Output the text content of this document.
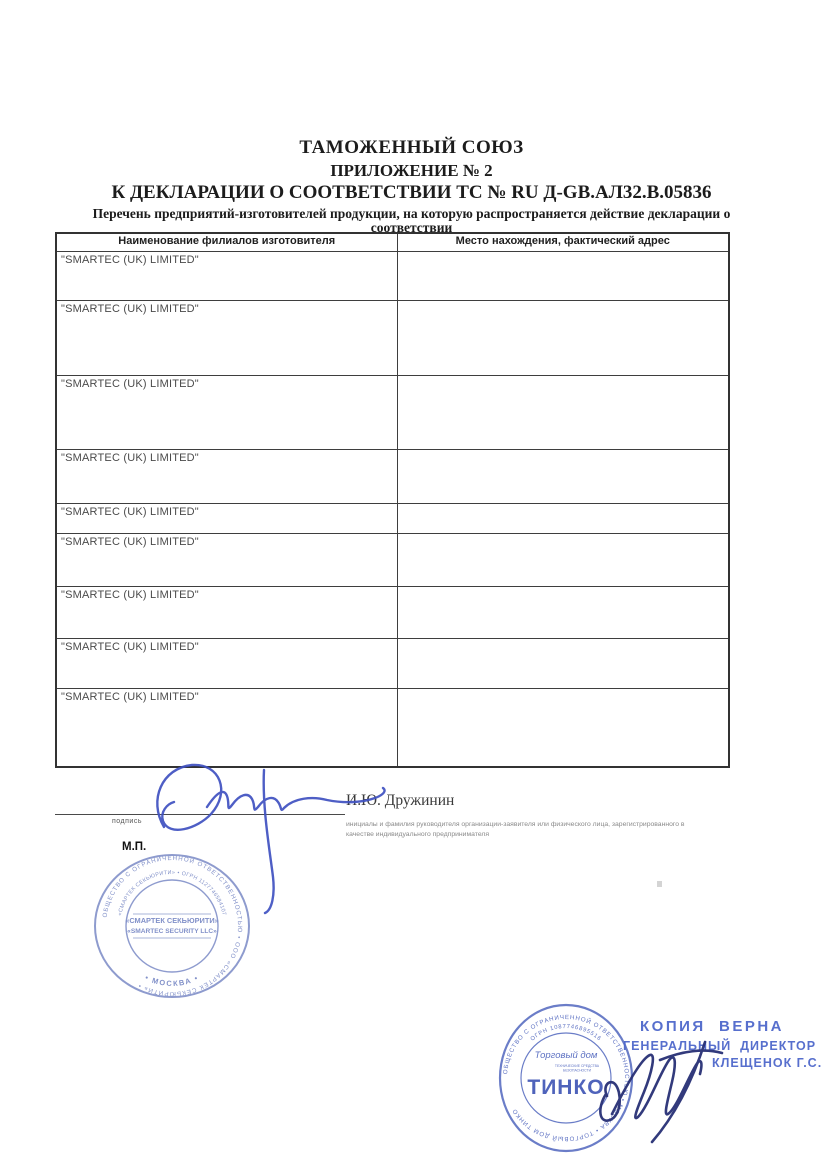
ТАМОЖЕННЫЙ СОЮЗ
ПРИЛОЖЕНИЕ № 2
К ДЕКЛАРАЦИИ О СООТВЕТСТВИИ ТС № RU Д-GB.АЛ32.В.05836
Перечень предприятий-изготовителей продукции, на которую распространяется действие декларации о
соответствии
Наименование филиалов изготовителя	Место нахождения, фактический адрес
"SMARTEC (UK) LIMITED"	
"SMARTEC (UK) LIMITED"	
"SMARTEC (UK) LIMITED"	
"SMARTEC (UK) LIMITED"	
"SMARTEC (UK) LIMITED"	
"SMARTEC (UK) LIMITED"	
"SMARTEC (UK) LIMITED"	
"SMARTEC (UK) LIMITED"	
"SMARTEC (UK) LIMITED"	
подпись
М.П.
И.Ю. Дружинин
инициалы и фамилия руководителя организации-заявителя или физического лица, зарегистрированного в качестве индивидуального предпринимателя
ОБЩЕСТВО С ОГРАНИЧЕННОЙ ОТВЕТСТВЕННОСТЬЮ • ООО «СМАРТЕК СЕКЬЮРИТИ» •
«СМАРТЕК СЕКЬЮРИТИ» • ОГРН 1127746584107
• МОСКВА •
«СМАРТЕК СЕКЬЮРИТИ»
«SMARTEC SECURITY LLC»
ОБЩЕСТВО С ОГРАНИЧЕННОЙ ОТВЕТСТВЕННОСТЬЮ • МОСКВА • ТОРГОВЫЙ ДОМ ТИНКО
ОГРН 1087746895516
Торговый дом
ТЕХНИЧЕСКИЕ СРЕДСТВА
БЕЗОПАСНОСТИ
ТИНКО
КОПИЯ  ВЕРНА
ГЕНЕРАЛЬНЫЙ  ДИРЕКТОР
КЛЕЩЕНОК Г.С.
